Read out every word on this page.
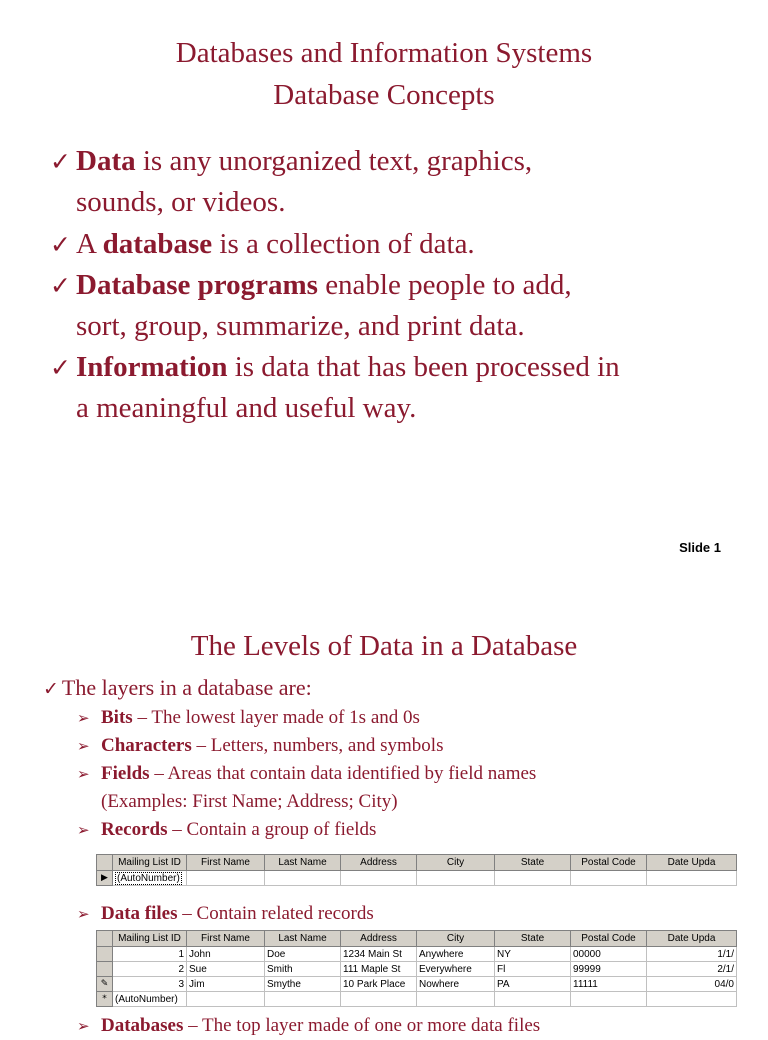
Databases and Information Systems
Database Concepts
✓ Data is any unorganized text, graphics,
sounds, or videos.
✓ A database is a collection of data.
✓ Database programs enable people to add,
sort, group, summarize, and print data.
✓ Information is data that has been processed in
a meaningful and useful way.
Slide 1
The Levels of Data in a Database
✓ The layers in a database are:
➢ Bits – The lowest layer made of 1s and 0s
➢ Characters – Letters, numbers, and symbols
➢ Fields – Areas that contain data identified by field names
(Examples: First Name; Address; City)
➢ Records – Contain a group of fields
	Mailing List ID	First Name	Last Name	Address	City	State	Postal Code	Date Upda
▶	(AutoNumber)							
➢ Data files – Contain related records
	Mailing List ID	First Name	Last Name	Address	City	State	Postal Code	Date Upda
	1	John	Doe	1234 Main St	Anywhere	NY	00000	1/1/
	2	Sue	Smith	111 Maple St	Everywhere	Fl	99999	2/1/
✎	3	Jim	Smythe	10 Park Place	Nowhere	PA	11111	04/0
*	(AutoNumber)							
➢ Databases – The top layer made of one or more data files
